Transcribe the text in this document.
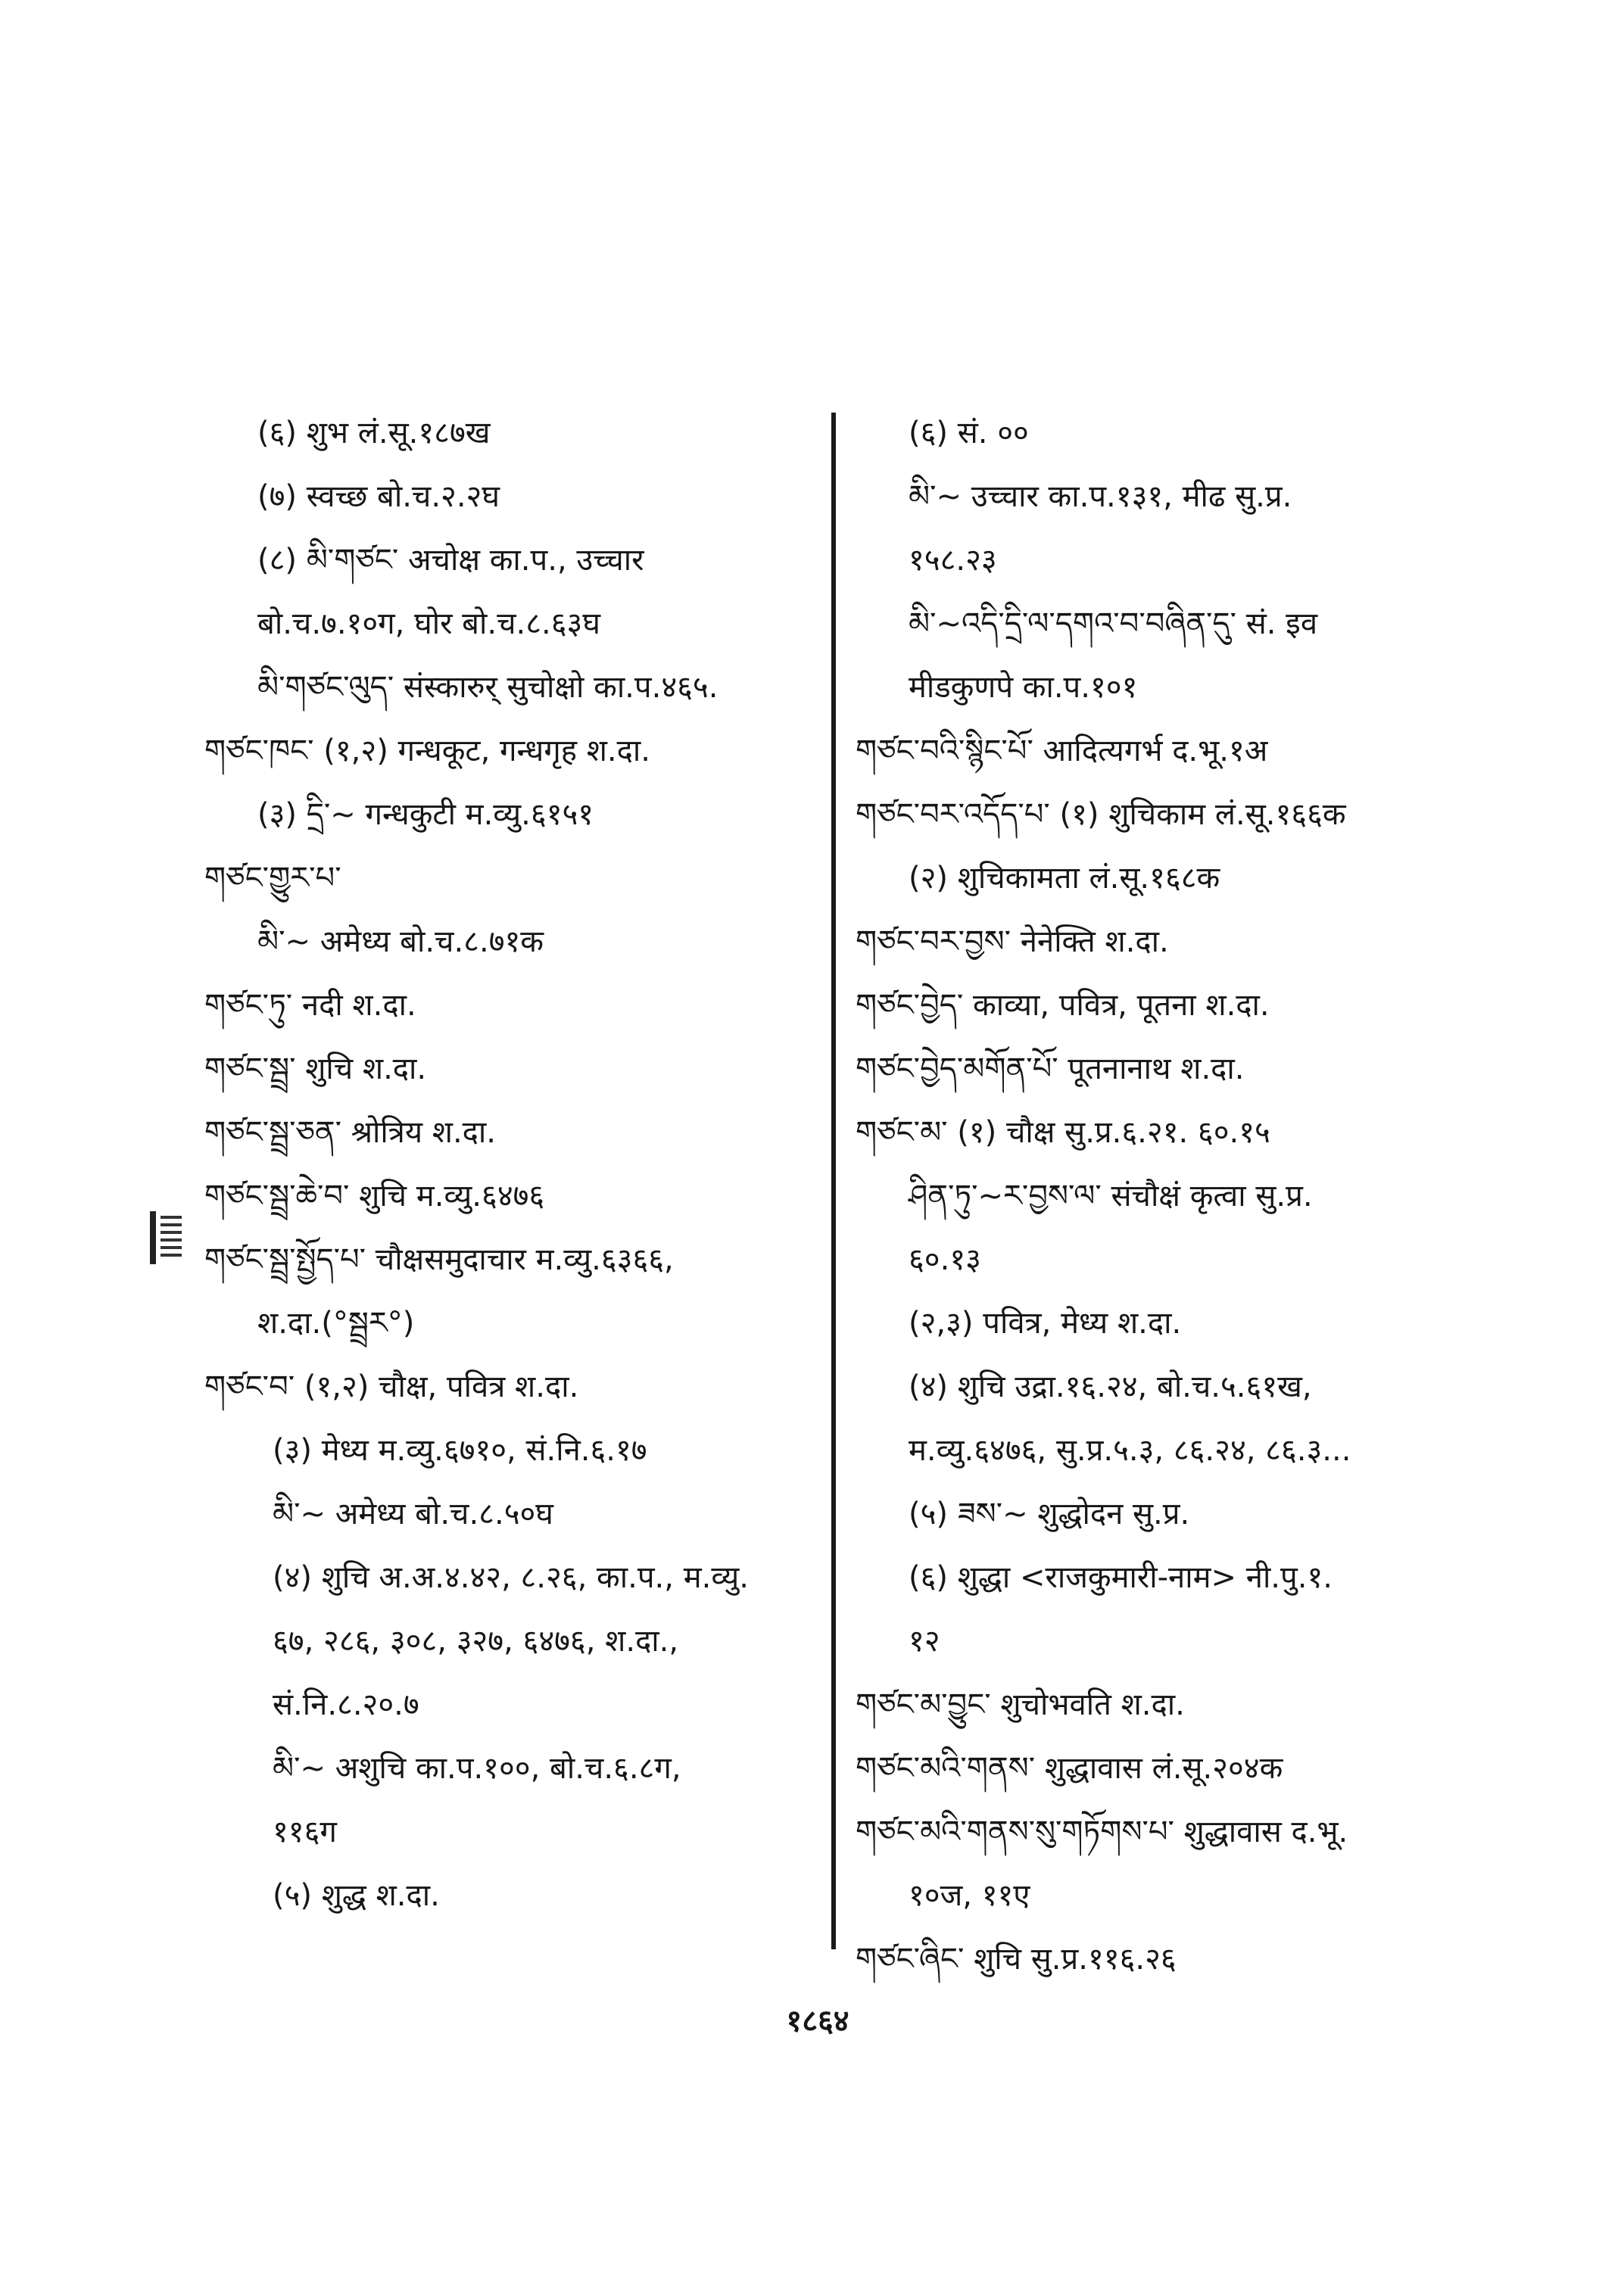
(६) शुभ लं.सू.१८७ख
(७) स्वच्छ बो.च.२.२घ
(८) མི་གཙང་ अचोक्ष का.प., उच्चार
बो.च.७.१०ग, घोर बो.च.८.६३घ
མི་གཙང་ལུད་ संस्कारुर् सुचोक्षो का.प.४६५.
གཙང་ཁང་ (१,२) गन्धकूट, गन्धगृह श.दा.
(३) དྲི་~ गन्धकुटी म.व्यु.६१५१
གཙང་གྱུར་པ་
མི་~ अमेध्य बो.च.८.७१क
གཙང་ཏུ་ नदी श.दा.
གཙང་སྦྲ་ शुचि श.दा.
གཙང་སྦྲ་ཅན་ श्रोत्रिय श.दा.
གཙང་སྦྲ་ཆེ་བ་ शुचि म.व्यु.६४७६
གཙང་སྦྲ་སྤྱོད་པ་ चौक्षसमुदाचार म.व्यु.६३६६,
श.दा.(°སྦྲར°)
གཙང་བ་ (१,२) चौक्ष, पवित्र श.दा.
(३) मेध्य म.व्यु.६७१०, सं.नि.६.१७
མི་~ अमेध्य बो.च.८.५०घ
(४) शुचि अ.अ.४.४२, ८.२६, का.प., म.व्यु.
६७, २८६, ३०८, ३२७, ६४७६, श.दा.,
सं.नि.८.२०.७
མི་~ अशुचि का.प.१००, बो.च.६.८ग,
११६ग
(५) शुद्ध श.दा.
(६) सं. ००
མི་~ उच्चार का.प.१३१, मीढ सु.प्र.
१५८.२३
མི་~འདི་དྲི་ལ་དགའ་བ་བཞིན་དུ་ सं. इव
मीडकुणपे का.प.१०१
གཙང་བའི་སྙིང་པོ་ आदित्यगर्भ द.भू.१अ
གཙང་བར་འདོད་པ་ (१) शुचिकाम लं.सू.१६६क
(२) शुचिकामता लं.सू.१६८क
གཙང་བར་བྱས་ नेनेक्ति श.दा.
གཙང་བྱེད་ काव्या, पवित्र, पूतना श.दा.
གཙང་བྱེད་མགོན་པོ་ पूतनानाथ श.दा.
གཙང་མ་ (१) चौक्ष सु.प्र.६.२१. ६०.१५
ཤིན་ཏུ་~ར་བྱས་ལ་ संचौक्षं कृत्वा सु.प्र.
६०.१३
(२,३) पवित्र, मेध्य श.दा.
(४) शुचि उद्रा.१६.२४, बो.च.५.६१ख,
म.व्यु.६४७६, सु.प्र.५.३, ८६.२४, ८६.३...
(५) ཟས་~ शुद्धोदन सु.प्र.
(६) शुद्धा <राजकुमारी-नाम> नी.पु.१.
१२
གཙང་མ་བྱུང་ शुचोभवति श.दा.
གཙང་མའི་གནས་ शुद्धावास लं.सू.२०४क
གཙང་མའི་གནས་སུ་གཏོགས་པ་ शुद्धावास द.भू.
१०ज, ११ए
གཙང་ཞིང་ शुचि सु.प्र.११६.२६
१८६४
